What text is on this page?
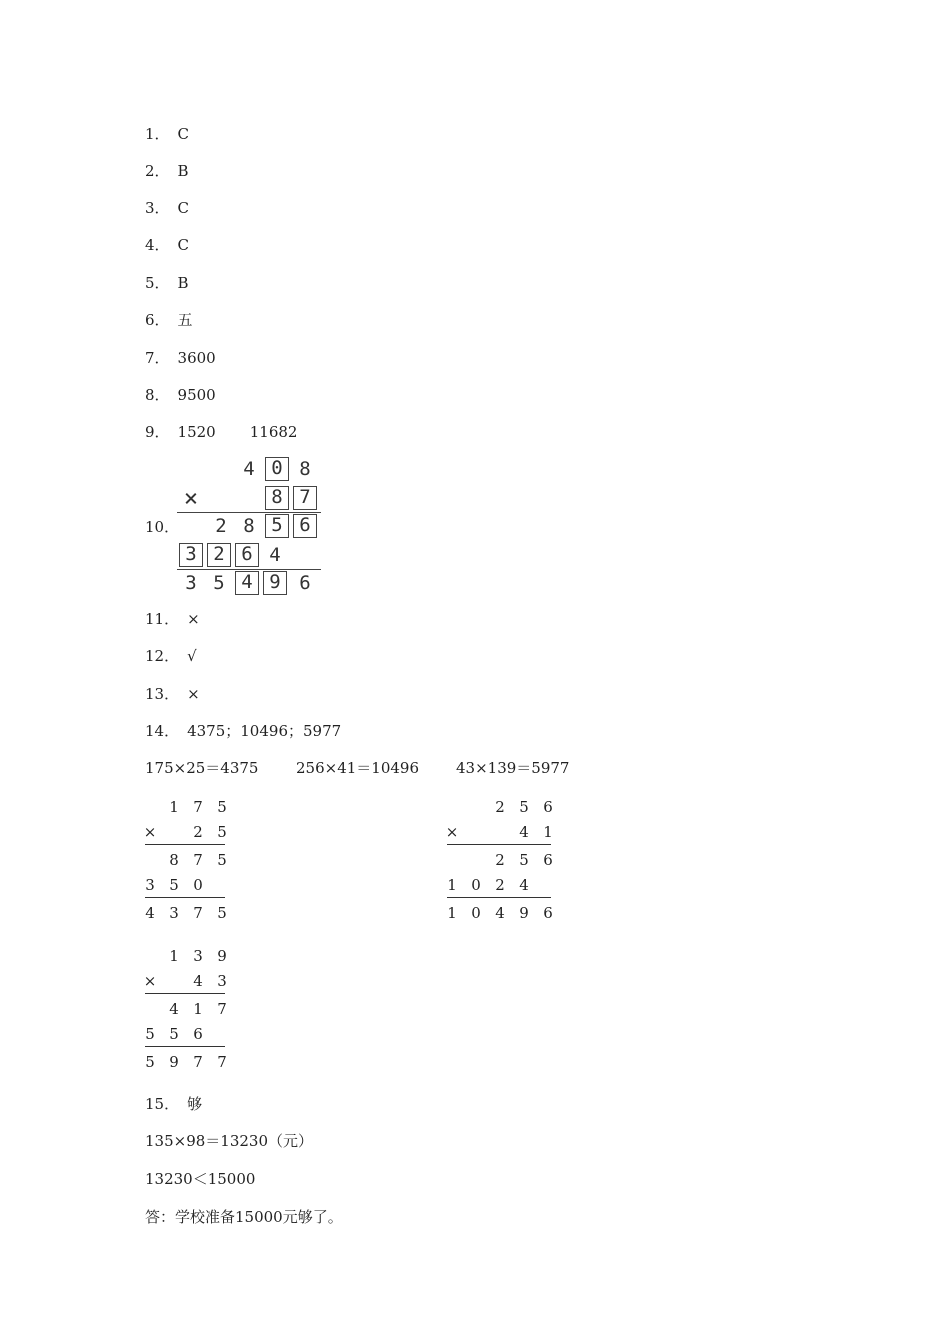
1． C
2． B
3． C
4． C
5． B
6． 五
7． 3600
8． 9500
9． 1520 11682
10．
4 0 8
×	8 7
2 8 5 6
3 2 6 4
3 5 4 9 6
11． ×
12． √
13． ×
14． 4375；10496；5977
175×25＝4375	256×41＝10496 43×139＝5977
1 7 5
× 2 5
8 7 5
3 5 0
4 3 7 5
2 5 6
×	4 1
2 5 6
1 0 2 4
1 0 4 9 6
1 3 9
× 4 3
4 1 7
5 5 6
5 9 7 7
15． 够
135×98＝13230（元）
13230＜15000
答：学校准备15000元够了。
